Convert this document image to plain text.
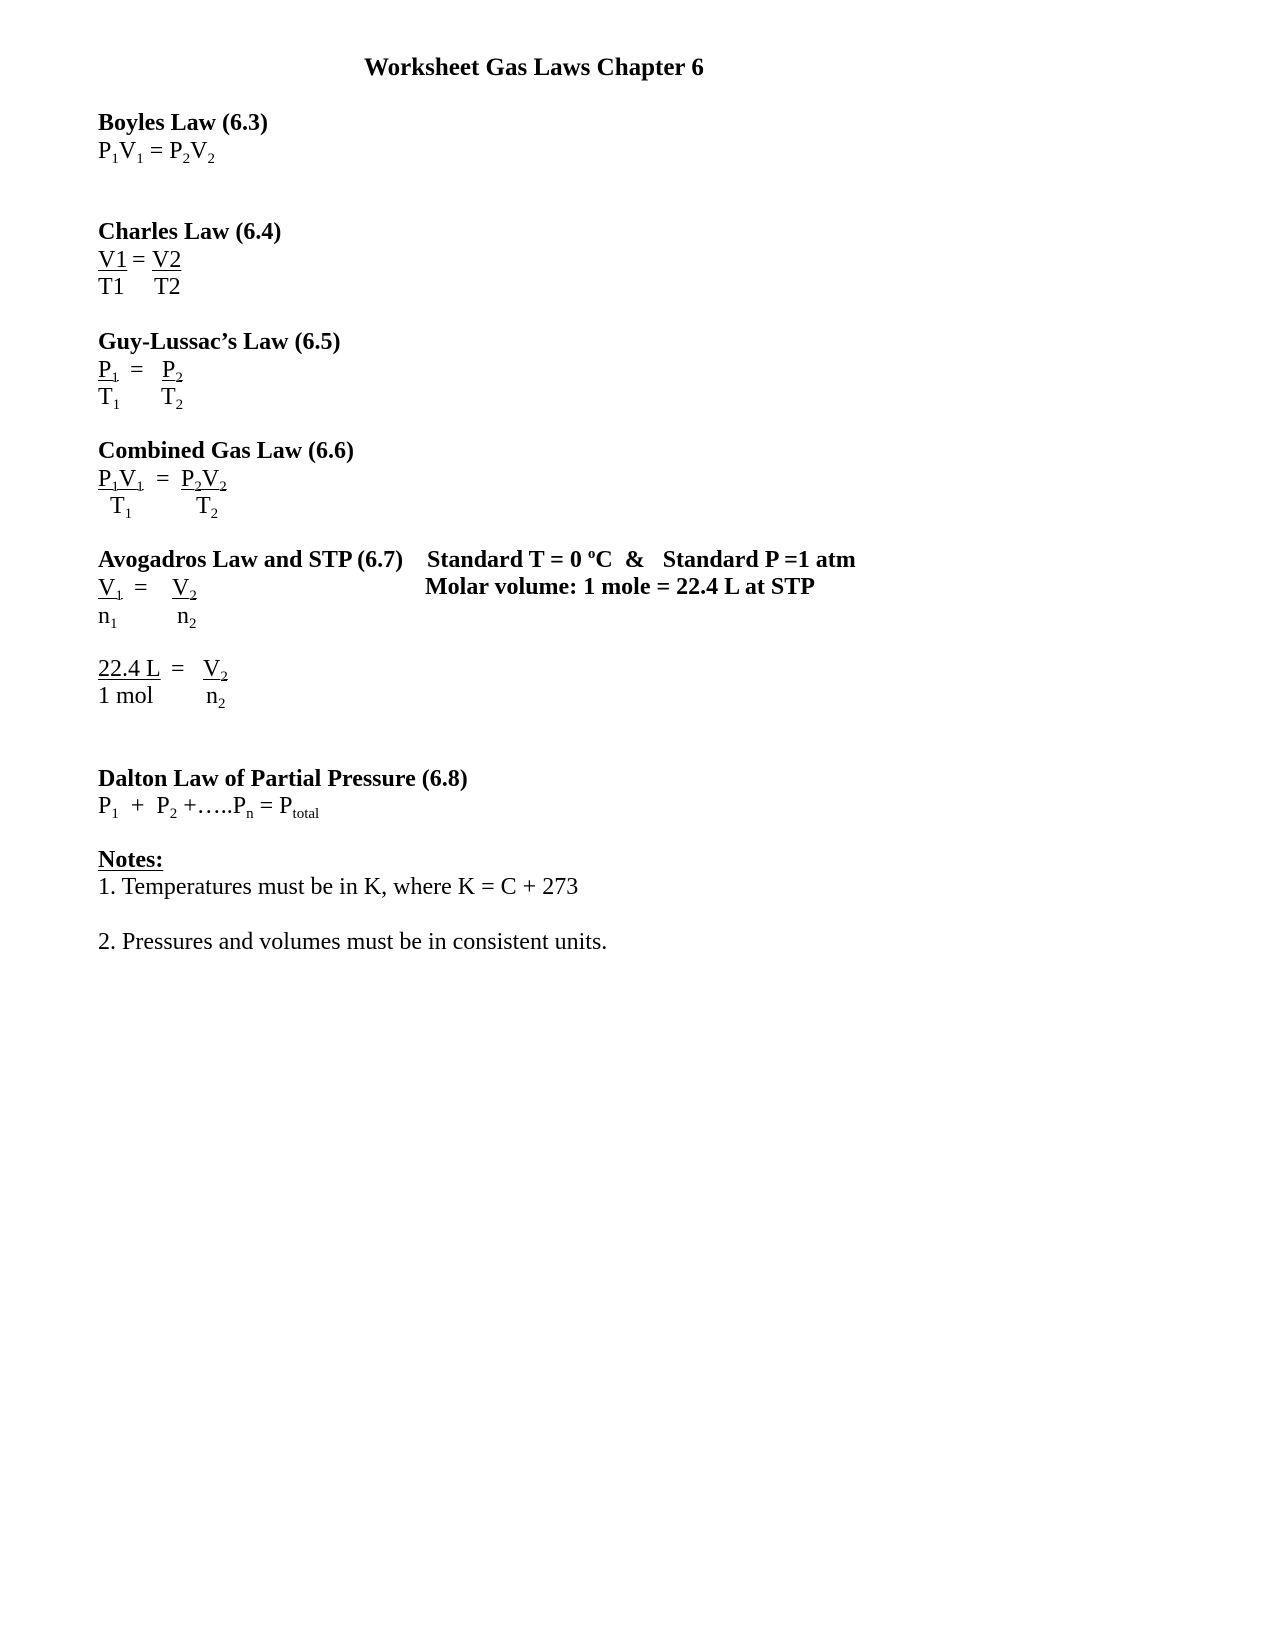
Worksheet Gas Laws Chapter 6
Boyles Law (6.3)
$P_1V_1 = P_2V_2$
Charles Law (6.4)
V1 = V2
T1 T2
Guy-Lussac’s Law (6.5)
$P_1 = P_2$
$T_1$ $T_2$
Combined Gas Law (6.6)
$P_1V_1 = P_2V_2$
$T_1$	$T_2$
Avogadros Law and STP (6.7) Standard T = 0 $^o$C & Standard P =1 atm
Molar volume: 1 mole = 22.4 L at STP
$V_1 = V_2$
$n_1$ $n_2$
22.4 $L = V_2$
1 mol $n_2$
Dalton Law of Partial Pressure (6.8)
$P_1 + P_2$ $+\dots..P_n = P_{total}$
Notes:
1. Temperatures must be in K, where K = C + 273
2. Pressures and volumes must be in consistent units.
